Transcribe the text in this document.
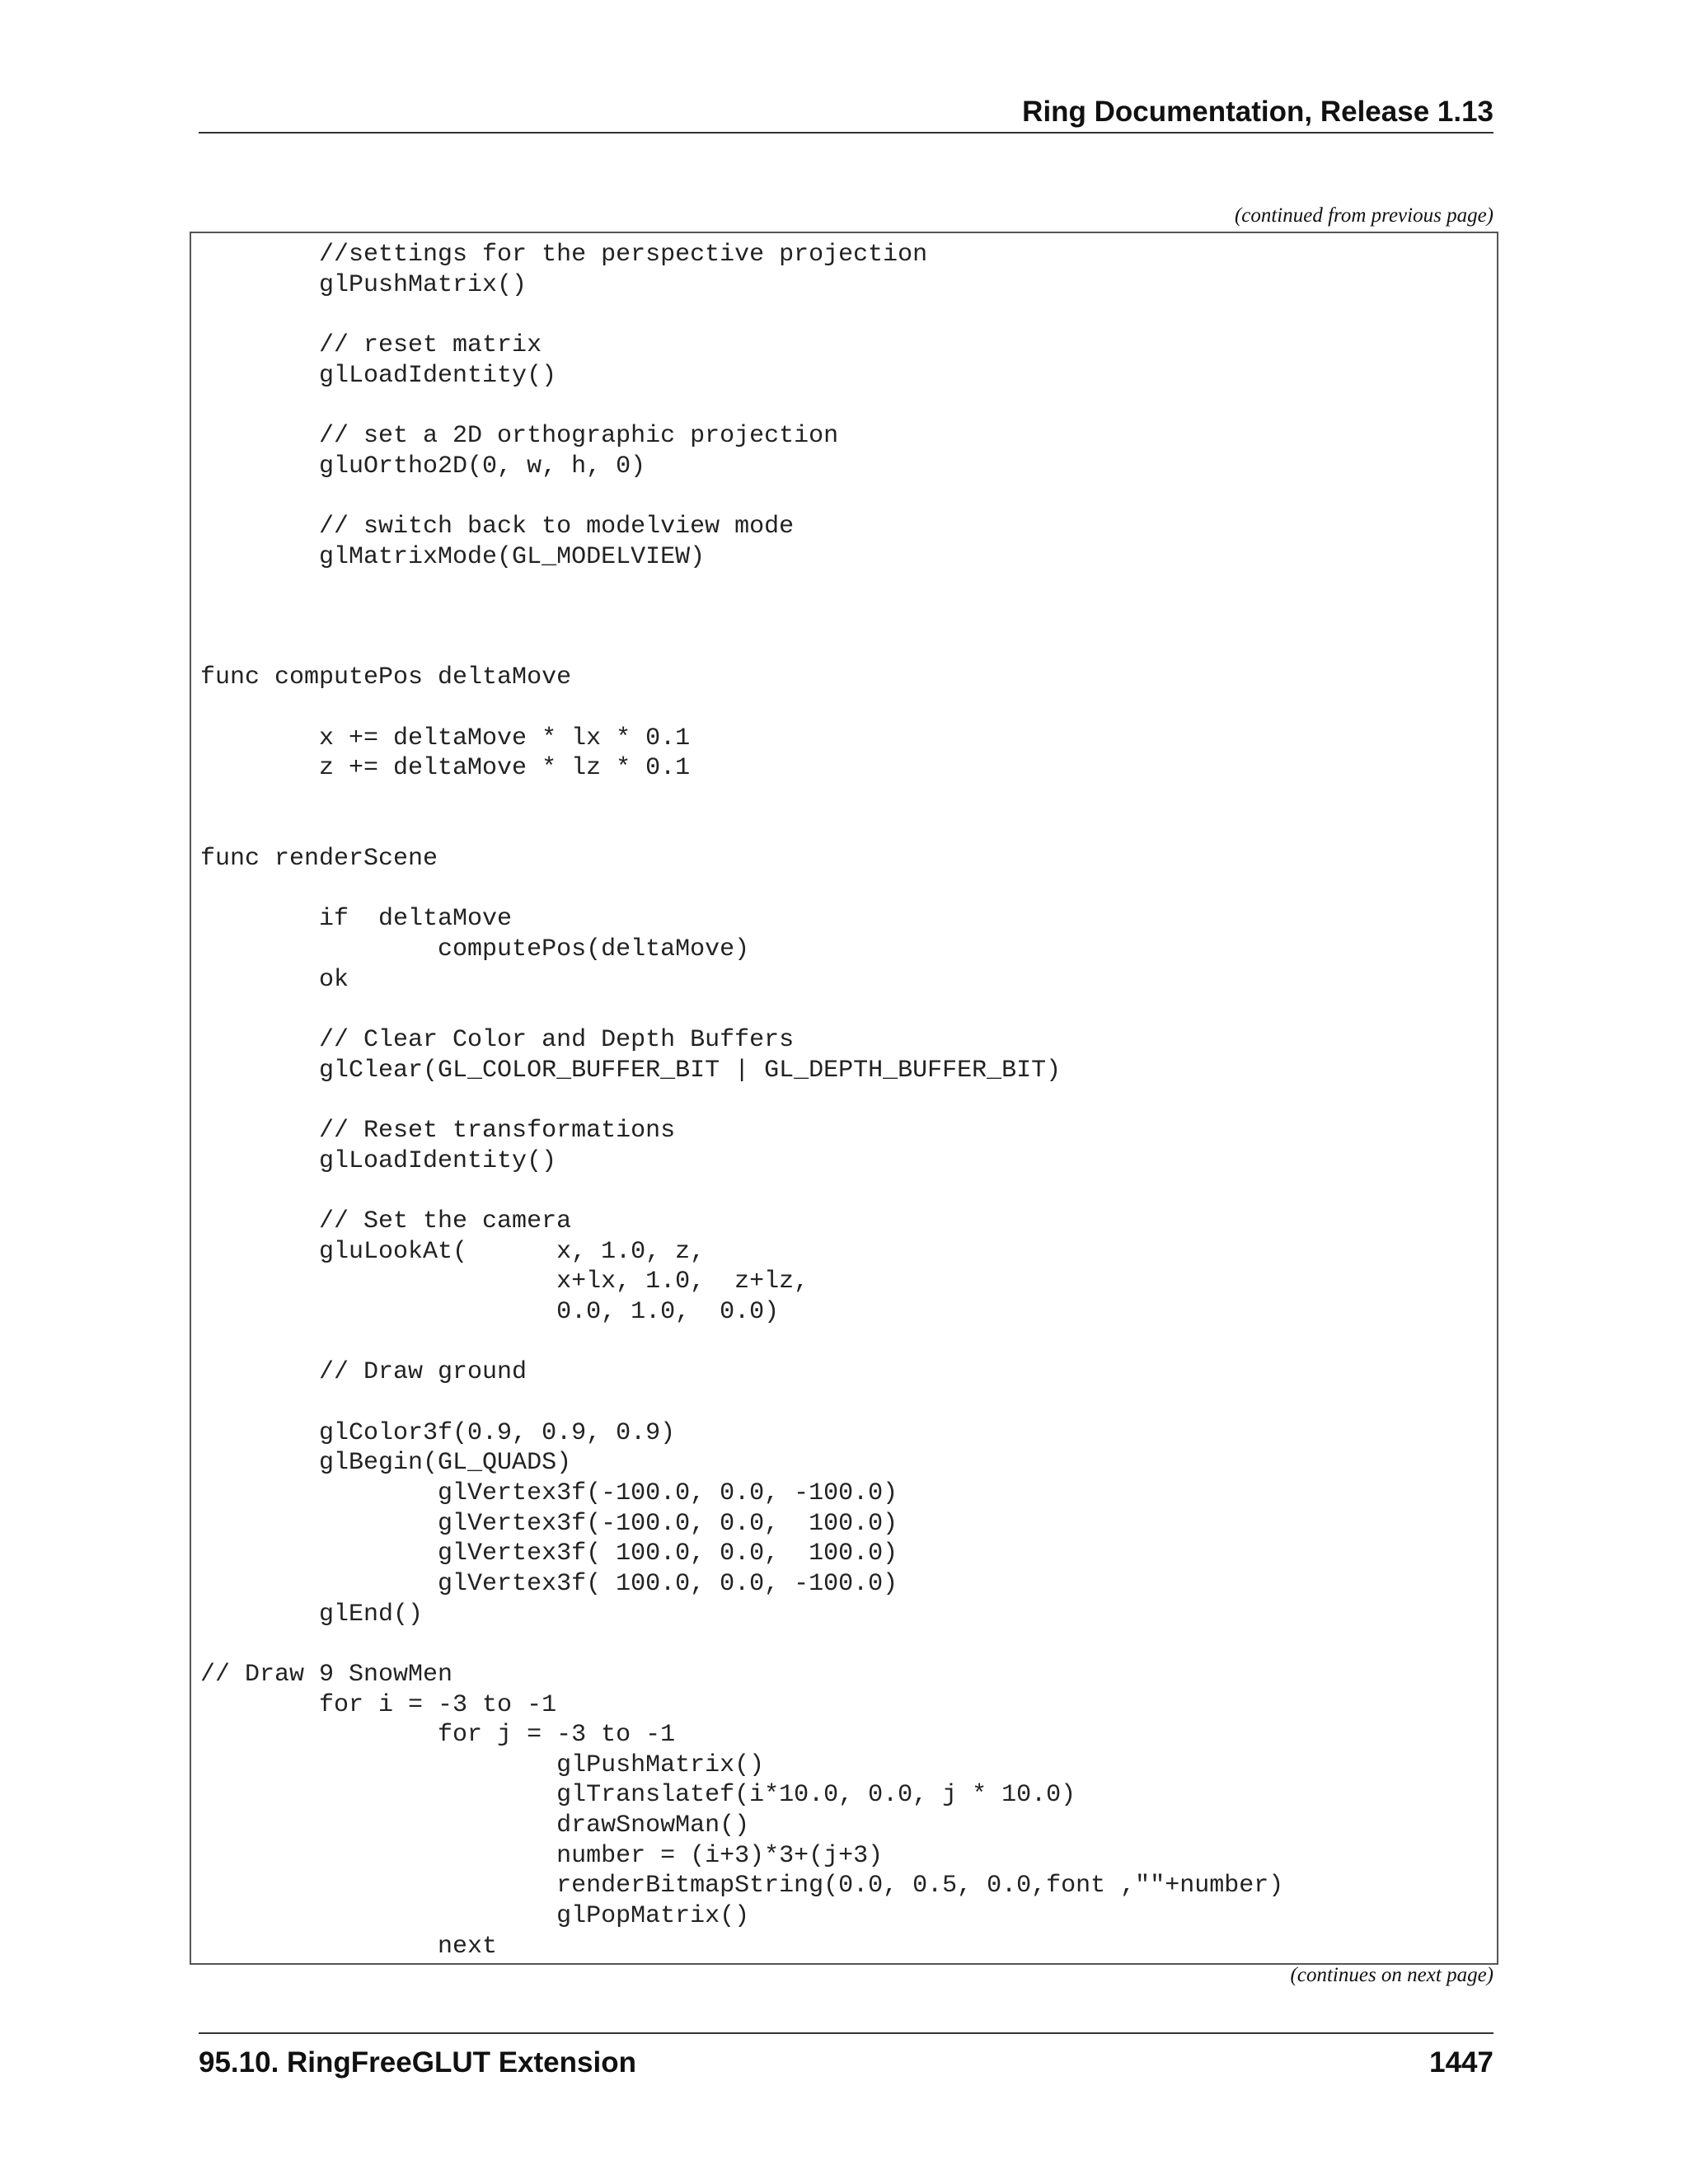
Ring Documentation, Release 1.13
(continued from previous page)
//settings for the perspective projection
glPushMatrix()

// reset matrix
glLoadIdentity()

// set a 2D orthographic projection
gluOrtho2D(0, w, h, 0)

// switch back to modelview mode
glMatrixMode(GL_MODELVIEW)

func computePos deltaMove

x += deltaMove * lx * 0.1
z += deltaMove * lz * 0.1

func renderScene

if  deltaMove
computePos(deltaMove)
ok

// Clear Color and Depth Buffers
glClear(GL_COLOR_BUFFER_BIT | GL_DEPTH_BUFFER_BIT)

// Reset transformations
glLoadIdentity()

// Set the camera
gluLookAt(      x, 1.0, z,
x+lx, 1.0,  z+lz,
0.0, 1.0,  0.0)

// Draw ground

glColor3f(0.9, 0.9, 0.9)
glBegin(GL_QUADS)
glVertex3f(-100.0, 0.0, -100.0)
glVertex3f(-100.0, 0.0,  100.0)
glVertex3f( 100.0, 0.0,  100.0)
glVertex3f( 100.0, 0.0, -100.0)
glEnd()

// Draw 9 SnowMen
for i = -3 to -1
for j = -3 to -1
glPushMatrix()
glTranslatef(i*10.0, 0.0, j * 10.0)
drawSnowMan()
number = (i+3)*3+(j+3)
renderBitmapString(0.0, 0.5, 0.0,font ,""+number)
glPopMatrix()
next

(continues on next page)
95.10. RingFreeGLUT Extension	1447
